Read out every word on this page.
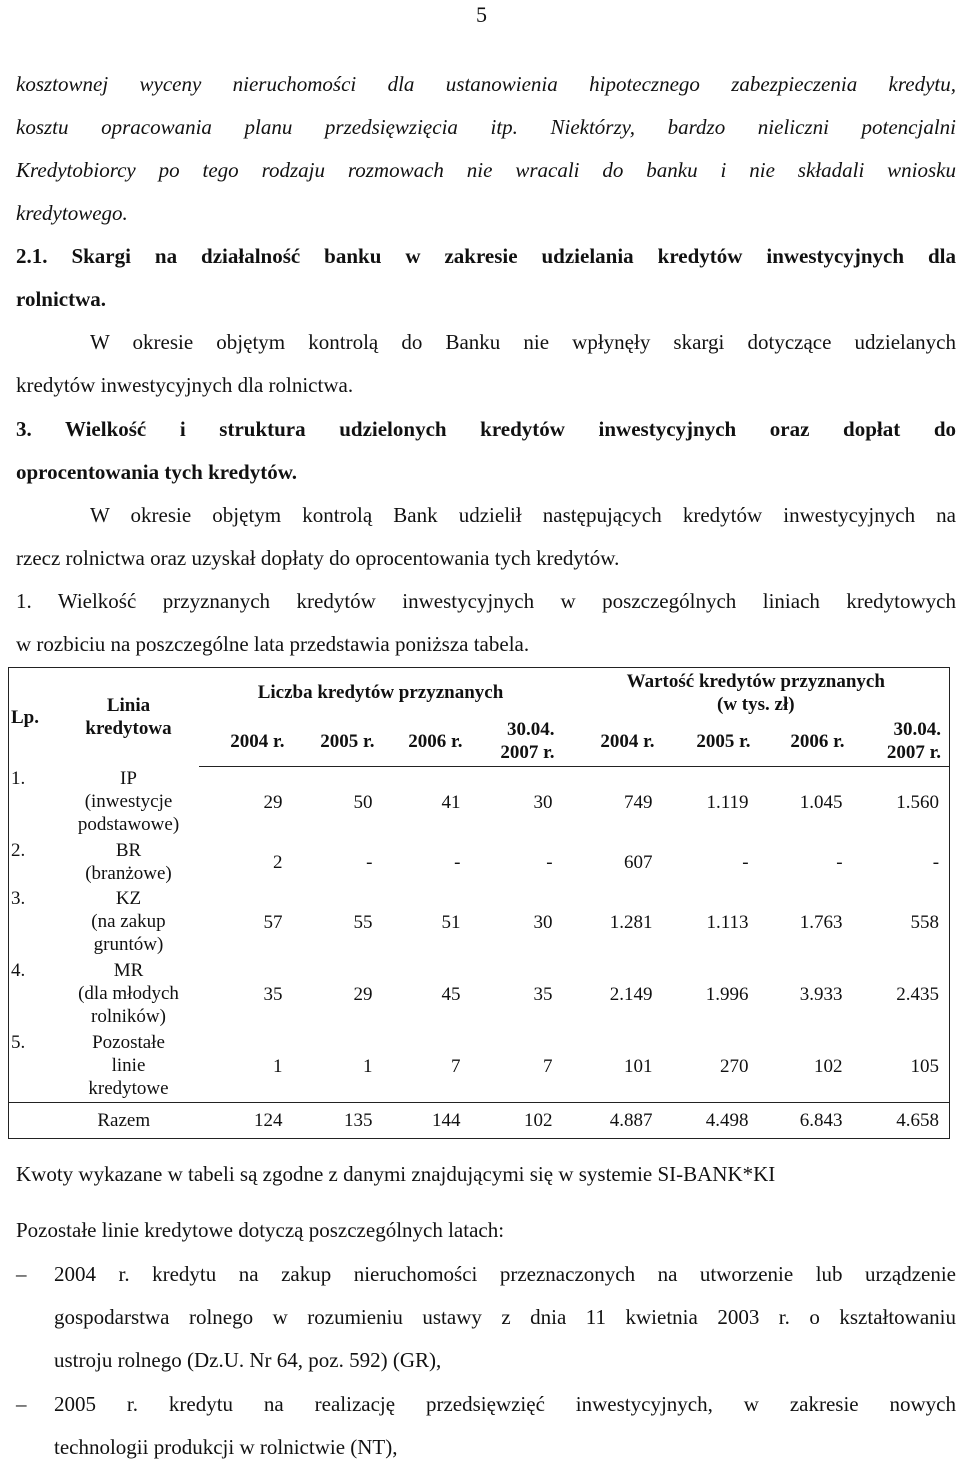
5
kosztownej wyceny nieruchomości dla ustanowienia hipotecznego zabezpieczenia kredytu,
kosztu opracowania planu przedsięwzięcia itp. Niektórzy, bardzo nieliczni potencjalni
Kredytobiorcy po tego rodzaju rozmowach nie wracali do banku i nie składali wniosku
kredytowego.
2.1. Skargi na działalność banku w zakresie udzielania kredytów inwestycyjnych dla
rolnictwa.
W okresie objętym kontrolą do Banku nie wpłynęły skargi dotyczące udzielanych
kredytów inwestycyjnych dla rolnictwa.
3. Wielkość i struktura udzielonych kredytów inwestycyjnych oraz dopłat do
oprocentowania tych kredytów.
W okresie objętym kontrolą Bank udzielił następujących kredytów inwestycyjnych na
rzecz rolnictwa oraz uzyskał dopłaty do oprocentowania tych kredytów.
1. Wielkość przyznanych kredytów inwestycyjnych w poszczególnych liniach kredytowych
w rozbiciu na poszczególne lata przedstawia poniższa tabela.
Lp.	Linia kredytowa	Liczba kredytów przyznanych				Wartość kredytów przyznanych
(w tys. zł)			

		2004 r.	2005 r.	2006 r.	30.04.
2007 r.	2004 r.	2005 r.	2006 r.	30.04.
2007 r.

1.	IP
(inwestycje
podstawowe)	29	50	41	30	749	1.119	1.045	1.560
2.	BR
(branżowe)	2	-	-	-	607	-	-	-
3.	KZ
(na zakup
gruntów)	57	55	51	30	1.281	1.113	1.763	558
4.	MR
(dla młodych
rolników)	35	29	45	35	2.149	1.996	3.933	2.435
5.	Pozostałe
linie
kredytowe	1	1	7	7	101	270	102	105
Razem		124	135	144	102	4.887	4.498	6.843	4.658
Kwoty wykazane w tabeli są zgodne z danymi znajdującymi się w systemie SI-BANK*KI
Pozostałe linie kredytowe dotyczą poszczególnych latach:
– 2004 r. kredytu na zakup nieruchomości przeznaczonych na utworzenie lub urządzenie
gospodarstwa rolnego w rozumieniu ustawy z dnia 11 kwietnia 2003 r. o kształtowaniu
ustroju rolnego (Dz.U. Nr 64, poz. 592) (GR),
– 2005 r. kredytu na realizację przedsięwzięć inwestycyjnych, w zakresie nowych
technologii produkcji w rolnictwie (NT),
